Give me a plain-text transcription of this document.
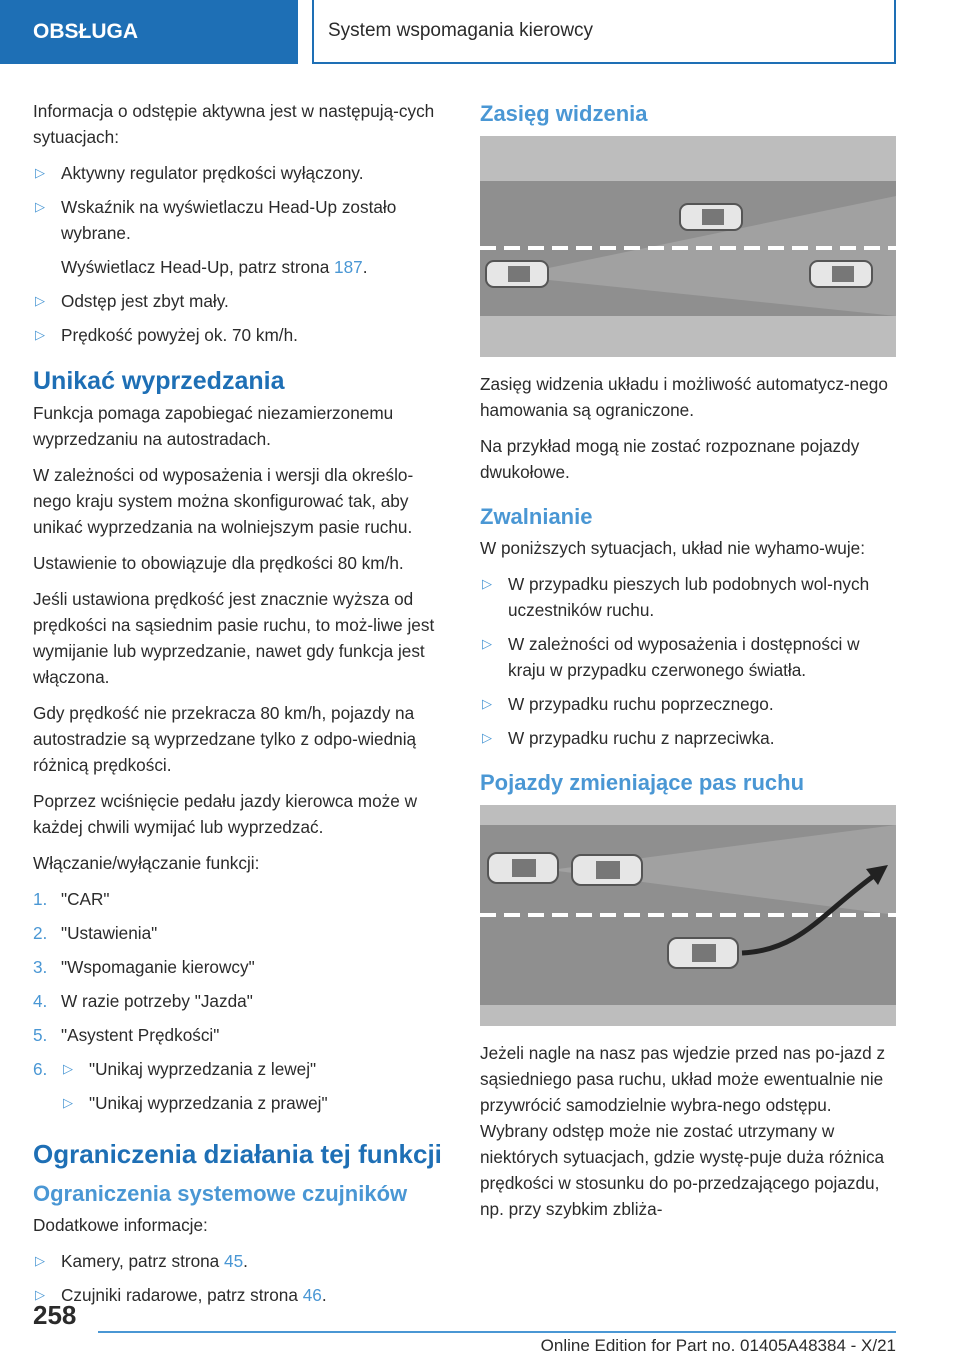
OBSŁUGA	System wspomagania kierowcy

Informacja o odstępie aktywna jest w następują-cych sytuacjach:

▷ Aktywny regulator prędkości wyłączony.
▷ Wskaźnik na wyświetlaczu Head-Up zostało wybrane.
Wyświetlacz Head-Up, patrz strona 187.
▷ Odstęp jest zbyt mały.
▷ Prędkość powyżej ok. 70 km/h.
Unikać wyprzedzania

Funkcja pomaga zapobiegać niezamierzonemu wyprzedzaniu na autostradach.

W zależności od wyposażenia i wersji dla określo-nego kraju system można skonfigurować tak, aby unikać wyprzedzania na wolniejszym pasie ruchu.

Ustawienie to obowiązuje dla prędkości 80 km/h.

Jeśli ustawiona prędkość jest znacznie wyższa od prędkości na sąsiednim pasie ruchu, to moż-liwe jest wymijanie lub wyprzedzanie, nawet gdy funkcja jest włączona.

Gdy prędkość nie przekracza 80 km/h, pojazdy na autostradzie są wyprzedzane tylko z odpo-wiednią różnicą prędkości.

Poprzez wciśnięcie pedału jazdy kierowca może w każdej chwili wymijać lub wyprzedzać.

Włączanie/wyłączanie funkcji:

1. "CAR"
2. "Ustawienia"
3. "Wspomaganie kierowcy"
4. W razie potrzeby "Jazda"
5. "Asystent Prędkości"
6. ▷ "Unikaj wyprzedzania z lewej"
▷ "Unikaj wyprzedzania z prawej"
Ograniczenia działania tej funkcji
Ograniczenia systemowe czujników

Dodatkowe informacje:

▷ Kamery, patrz strona 45.
▷ Czujniki radarowe, patrz strona 46.
Zasięg widzenia

Zasięg widzenia układu i możliwość automatycz-nego hamowania są ograniczone.

Na przykład mogą nie zostać rozpoznane pojazdy dwukołowe.

Zwalnianie

W poniższych sytuacjach, układ nie wyhamo-wuje:

▷ W przypadku pieszych lub podobnych wol-nych uczestników ruchu.
▷ W zależności od wyposażenia i dostępności w kraju w przypadku czerwonego światła.
▷ W przypadku ruchu poprzecznego.
▷ W przypadku ruchu z naprzeciwka.
Pojazdy zmieniające pas ruchu

Jeżeli nagle na nasz pas wjedzie przed nas po-jazd z sąsiedniego pasa ruchu, układ może ewentualnie nie przywrócić samodzielnie wybra-nego odstępu. Wybrany odstęp może nie zostać utrzymany w niektórych sytuacjach, gdzie wystę-puje duża różnica prędkości w stosunku do po-przedzającego pojazdu, np. przy szybkim zbliża-

258
Online Edition for Part no. 01405A48384 - X/21
